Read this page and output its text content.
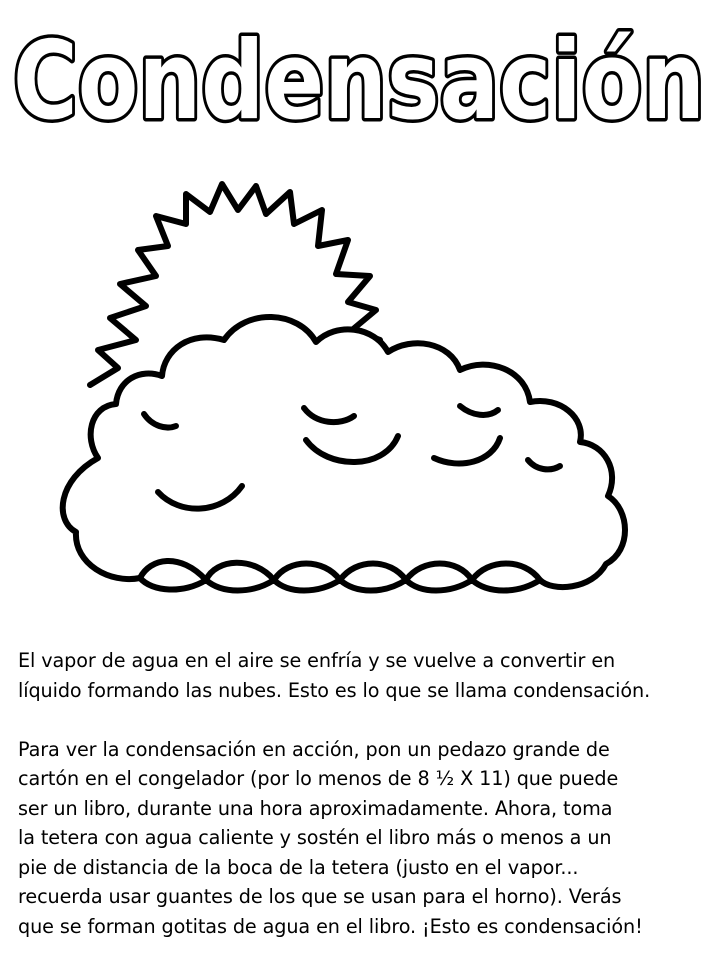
Condensación

El vapor de agua en el aire se enfría y se vuelve a convertir en
líquido formando las nubes. Esto es lo que se llama condensación.

Para ver la condensación en acción, pon un pedazo grande de
cartón en el congelador (por lo menos de 8 ½ X 11) que puede
ser un libro, durante una hora aproximadamente. Ahora, toma
la tetera con agua caliente y sostén el libro más o menos a un
pie de distancia de la boca de la tetera (justo en el vapor...
recuerda usar guantes de los que se usan para el horno). Verás
que se forman gotitas de agua en el libro. ¡Esto es condensación!
